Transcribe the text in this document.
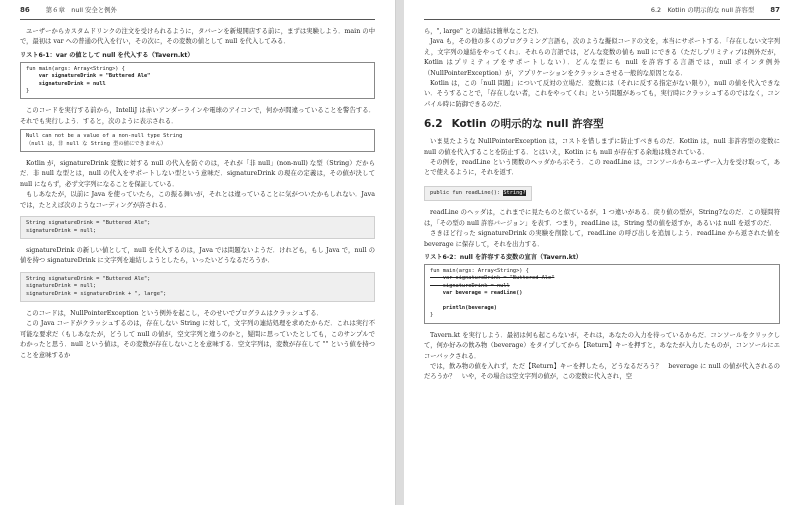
86	第６章　null 安全と例外

ユーザーからカスタムドリンクの注文を受けられるように，タバーンを新規開店する前に，まずは実験しよう．main の中で，最初は var への普通の代入を行い，その次に，その変数の値として null を代入してみる．

リスト6-1：var の値として null を代入する（Tavern.kt）
fun main(args: Array<String>) {
var signatureDrink = "Buttered Ale"
signatureDrink = null
}

このコードを実行する前から，IntelliJ は赤いアンダーラインや電球のアイコンで，何かが間違っていることを警告する．それでも実行しよう．すると，次のように表示される．

Null can not be a value of a non-null type String
（null は，非 null な String 型の値にできません）

Kotlin が，signatureDrink 変数に対する null の代入を防ぐのは，それが「非 null」(non-null) な型（String）だからだ．非 null な型とは，null の代入をサポートしない型という意味だ．signatureDrink の現在の定義は，その値が決して null にならず，必ず文字列になることを保証している．

もしあなたが，以前に Java を使っていたら，この振る舞いが，それとは違っていることに気がついたかもしれない．Java では，たとえば次のようなコーディングが許される．

String signatureDrink = "Buttered Ale";
signatureDrink = null;

signatureDrink の新しい値として，null を代入するのは，Java では問題ないようだ．けれども，もし Java で，null の値を持つ signatureDrink に文字列を連結しようとしたら，いったいどうなるだろうか．

String signatureDrink = "Buttered Ale";
signatureDrink = null;
signatureDrink = signatureDrink + ", large";

このコードは，NullPointerException という例外を起こし，そのせいでプログラムはクラッシュする．

この Java コードがクラッシュするのは，存在しない String に対して，文字列の連結処理を求めたからだ．これは実行不可能な要求だ（もしあなたが，どうして null の値が，空文字列と違うのかと，疑問に思っていたとしても，このサンプルでわかったと思う．null という値は，その変数が存在しないことを意味する．空文字列は，変数が存在して "" という値を持つことを意味するか

6.2　Kotlin の明示的な null 許容型 87

ら，", large" との連結は簡単なことだ)．

Java も，その他の多くのプログラミング言語も，次のような擬似コードの文を，本当にサポートする．「存在しない文字列え，文字列の連結をやってくれ」．それらの言語では，どんな変数の値も null にできる（ただしプリミティブは例外だが，Kotlin はプリミティブをサポートしない）．どんな型にも null を許容する言語では，null ポインタ例外（NullPointerException）が，アプリケーションをクラッシュさせる一般的な原因となる．

Kotlin は，この「null 問題」について反対の立場だ．変数には（それに反する指定がない限り），null の値を代入できない．そうすることで，「存在しない者，これをやってくれ」という問題があっても，実行時にクラッシュするのではなく，コンパイル時に防御できるのだ．

6.2 Kotlin の明示的な null 許容型

いま見たような NullPointerException は，コストを惜しまずに防止すべきものだ．Kotlin は，null 非許容型の変数に null の値を代入することを防止する．とはいえ，Kotlin にも null が存在する余地は残されている．

その例を，readLine という関数のヘッダから示そう．この readLine は，コンソールからユーザー入力を受け取って，あとで使えるように，それを返す．

public fun readLine(): String?

readLine のヘッダは，これまでに見たものと似ているが，1 つ違いがある．戻り値の型が，String?なのだ．この疑問符は，「その型の null 許容バージョン」を表す．つまり，readLine は，String 型の値を返すか，あるいは null を返すのだ．

さきほど行った signatureDrink の実験を削除して，readLine の呼び出しを追加しよう．readLine から返された値を beverage に保存して，それを出力する．

リスト6-2：null を許容する変数の宣言（Tavern.kt）
fun main(args: Array<String>) {
var signatureDrink = "Buttered Ale"
signatureDrink = null
var beverage = readLine()

println(beverage)
}

Tavern.kt を実行しよう．最初は何も起こらないが，それは，あなたの入力を待っているからだ．コンソールをクリックして，何か好みの飲み物（beverage）をタイプしてから【Return】キーを押すと，あなたが入力したものが，コンソールにエコーバックされる．

では，飲み物の値を入れず，ただ【Return】キーを押したら，どうなるだろう？　beverage に null の値が代入されるのだろうか？　いや，その場合は空文字列の値が，この変数に代入され，空
